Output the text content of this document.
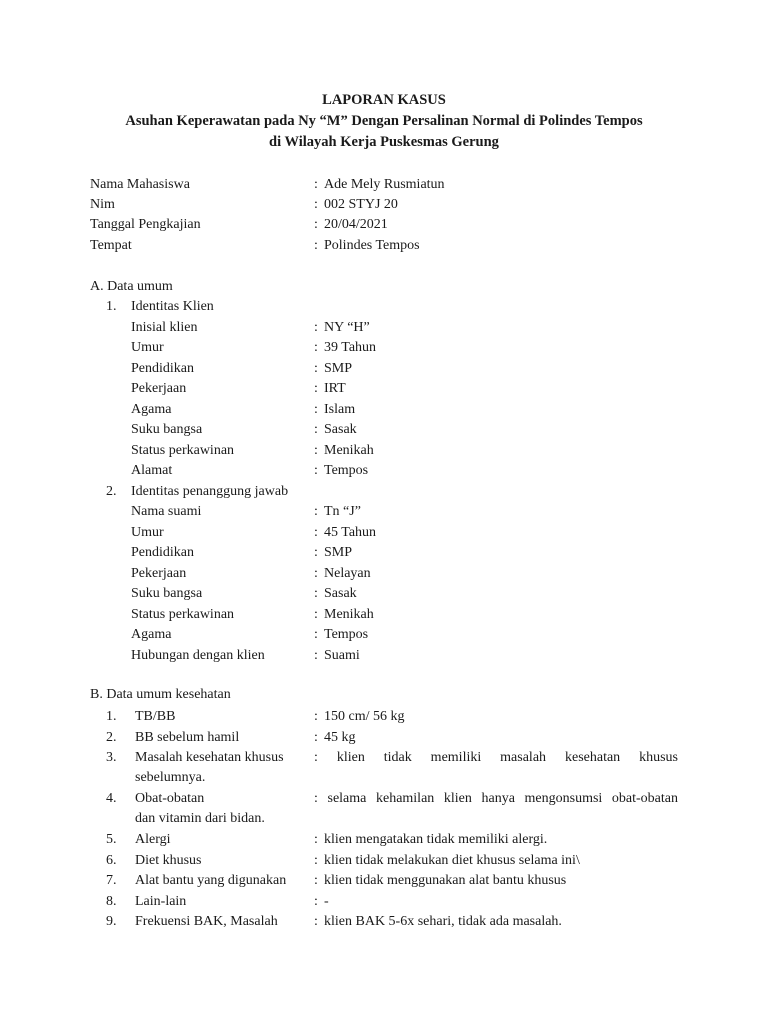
LAPORAN KASUS
Asuhan Keperawatan pada Ny “M” Dengan Persalinan Normal di Polindes Tempos
di Wilayah Kerja Puskesmas Gerung
Nama Mahasiswa	: Ade Mely Rusmiatun
Nim	: 002 STYJ 20
Tanggal Pengkajian	: 20/04/2021
Tempat	: Polindes Tempos
A. Data umum
1. Identitas Klien
Inisial klien	: NY “H”
Umur	: 39 Tahun
Pendidikan	: SMP
Pekerjaan	: IRT
Agama	: Islam
Suku bangsa	: Sasak
Status perkawinan	: Menikah
Alamat	: Tempos
2. Identitas penanggung jawab
Nama suami	: Tn “J”
Umur	: 45 Tahun
Pendidikan	: SMP
Pekerjaan	: Nelayan
Suku bangsa	: Sasak
Status perkawinan	: Menikah
Agama	: Tempos
Hubungan dengan klien	: Suami
B. Data umum kesehatan
1. TB/BB	: 150 cm/ 56 kg
2. BB sebelum hamil	: 45 kg
3. Masalah kesehatan khusus : klien tidak memiliki masalah kesehatan khusus
sebelumnya.
4. Obat-obatan	: selama kehamilan klien hanya mengonsumsi obat-obatan
dan vitamin dari bidan.
5. Alergi	: klien mengatakan tidak memiliki alergi.
6. Diet khusus	: klien tidak melakukan diet khusus selama ini\
7. Alat bantu yang digunakan : klien tidak menggunakan alat bantu khusus
8. Lain-lain	: -
9. Frekuensi BAK, Masalah	: klien BAK 5-6x sehari, tidak ada masalah.
